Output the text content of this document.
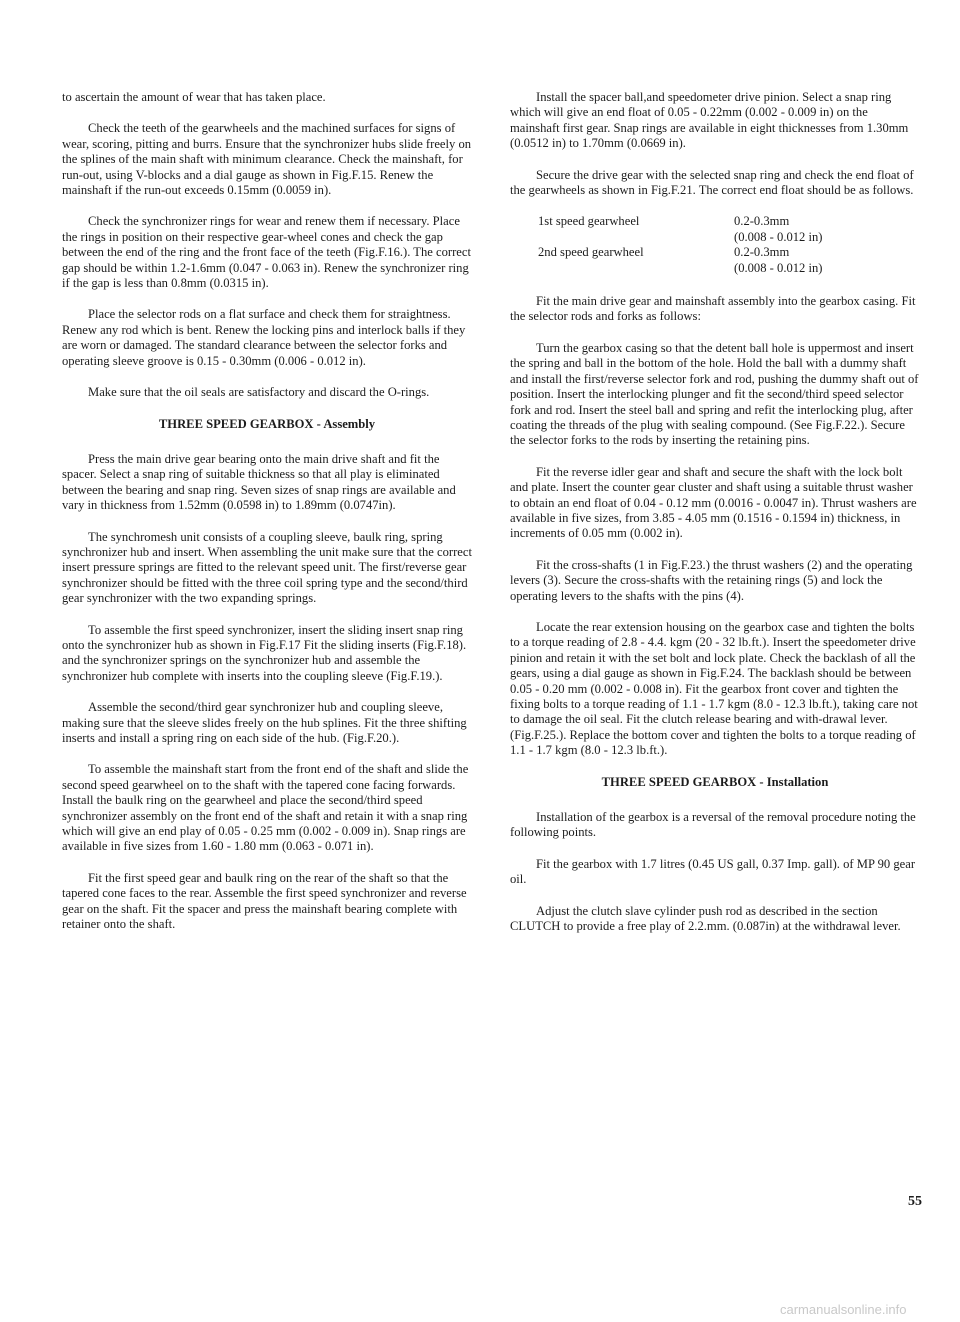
to ascertain the amount of wear that has taken place.

Check the teeth of the gearwheels and the machined surfaces for signs of wear, scoring, pitting and burrs. Ensure that the synchronizer hubs slide freely on the splines of the main shaft with minimum clearance. Check the mainshaft, for run-out, using V-blocks and a dial gauge as shown in Fig.F.15. Renew the mainshaft if the run-out exceeds 0.15mm (0.0059 in).

Check the synchronizer rings for wear and renew them if necessary. Place the rings in position on their respective gear-wheel cones and check the gap between the end of the ring and the front face of the teeth (Fig.F.16.). The correct gap should be within 1.2-1.6mm (0.047 - 0.063 in). Renew the synchronizer ring if the gap is less than 0.8mm (0.0315 in).

Place the selector rods on a flat surface and check them for straightness. Renew any rod which is bent. Renew the locking pins and interlock balls if they are worn or damaged. The standard clearance between the selector forks and operating sleeve groove is 0.15 - 0.30mm (0.006 - 0.012 in).

Make sure that the oil seals are satisfactory and discard the O-rings.

THREE SPEED GEARBOX - Assembly

Press the main drive gear bearing onto the main drive shaft and fit the spacer. Select a snap ring of suitable thickness so that all play is eliminated between the bearing and snap ring. Seven sizes of snap rings are available and vary in thickness from 1.52mm (0.0598 in) to 1.89mm (0.0747in).

The synchromesh unit consists of a coupling sleeve, baulk ring, spring synchronizer hub and insert. When assembling the unit make sure that the correct insert pressure springs are fitted to the relevant speed unit. The first/reverse gear synchronizer should be fitted with the three coil spring type and the second/third gear synchronizer with the two expanding springs.

To assemble the first speed synchronizer, insert the sliding insert snap ring onto the synchronizer hub as shown in Fig.F.17 Fit the sliding inserts (Fig.F.18). and the synchronizer springs on the synchronizer hub and assemble the synchronizer hub complete with inserts into the coupling sleeve (Fig.F.19.).

Assemble the second/third gear synchronizer hub and coupling sleeve, making sure that the sleeve slides freely on the hub splines. Fit the three shifting inserts and install a spring ring on each side of the hub. (Fig.F.20.).

To assemble the mainshaft start from the front end of the shaft and slide the second speed gearwheel on to the shaft with the tapered cone facing forwards. Install the baulk ring on the gearwheel and place the second/third speed synchronizer assembly on the front end of the shaft and retain it with a snap ring which will give an end play of 0.05 - 0.25 mm (0.002 - 0.009 in). Snap rings are available in five sizes from 1.60 - 1.80 mm (0.063 - 0.071 in).

Fit the first speed gear and baulk ring on the rear of the shaft so that the tapered cone faces to the rear. Assemble the first speed synchronizer and reverse gear on the shaft. Fit the spacer and press the mainshaft bearing complete with retainer onto the shaft.

Install the spacer ball,and speedometer drive pinion. Select a snap ring which will give an end float of 0.05 - 0.22mm (0.002 - 0.009 in) on the mainshaft first gear. Snap rings are available in eight thicknesses from 1.30mm (0.0512 in) to 1.70mm (0.0669 in).

Secure the drive gear with the selected snap ring and check the end float of the gearwheels as shown in Fig.F.21. The correct end float should be as follows.

1st speed gearwheel	0.2-0.3mm
(0.008 - 0.012 in)
2nd speed gearwheel	0.2-0.3mm
(0.008 - 0.012 in)

Fit the main drive gear and mainshaft assembly into the gearbox casing. Fit the selector rods and forks as follows:

Turn the gearbox casing so that the detent ball hole is uppermost and insert the spring and ball in the bottom of the hole. Hold the ball with a dummy shaft and install the first/reverse selector fork and rod, pushing the dummy shaft out of position. Insert the interlocking plunger and fit the second/third speed selector fork and rod. Insert the steel ball and spring and refit the interlocking plug, after coating the threads of the plug with sealing compound. (See Fig.F.22.). Secure the selector forks to the rods by inserting the retaining pins.

Fit the reverse idler gear and shaft and secure the shaft with the lock bolt and plate. Insert the counter gear cluster and shaft using a suitable thrust washer to obtain an end float of 0.04 - 0.12 mm (0.0016 - 0.0047 in). Thrust washers are available in five sizes, from 3.85 - 4.05 mm (0.1516 - 0.1594 in) thickness, in increments of 0.05 mm (0.002 in).

Fit the cross-shafts (1 in Fig.F.23.) the thrust washers (2) and the operating levers (3). Secure the cross-shafts with the retaining rings (5) and lock the operating levers to the shafts with the pins (4).

Locate the rear extension housing on the gearbox case and tighten the bolts to a torque reading of 2.8 - 4.4. kgm (20 - 32 lb.ft.). Insert the speedometer drive pinion and retain it with the set bolt and lock plate. Check the backlash of all the gears, using a dial gauge as shown in Fig.F.24. The backlash should be between 0.05 - 0.20 mm (0.002 - 0.008 in). Fit the gearbox front cover and tighten the fixing bolts to a torque reading of 1.1 - 1.7 kgm (8.0 - 12.3 lb.ft.), taking care not to damage the oil seal. Fit the clutch release bearing and with-drawal lever. (Fig.F.25.). Replace the bottom cover and tighten the bolts to a torque reading of 1.1 - 1.7 kgm (8.0 - 12.3 lb.ft.).

THREE SPEED GEARBOX - Installation

Installation of the gearbox is a reversal of the removal procedure noting the following points.

Fit the gearbox with 1.7 litres (0.45 US gall, 0.37 Imp. gall). of MP 90 gear oil.

Adjust the clutch slave cylinder push rod as described in the section CLUTCH to provide a free play of 2.2.mm. (0.087in) at the withdrawal lever.

55
carmanualsonline.info
